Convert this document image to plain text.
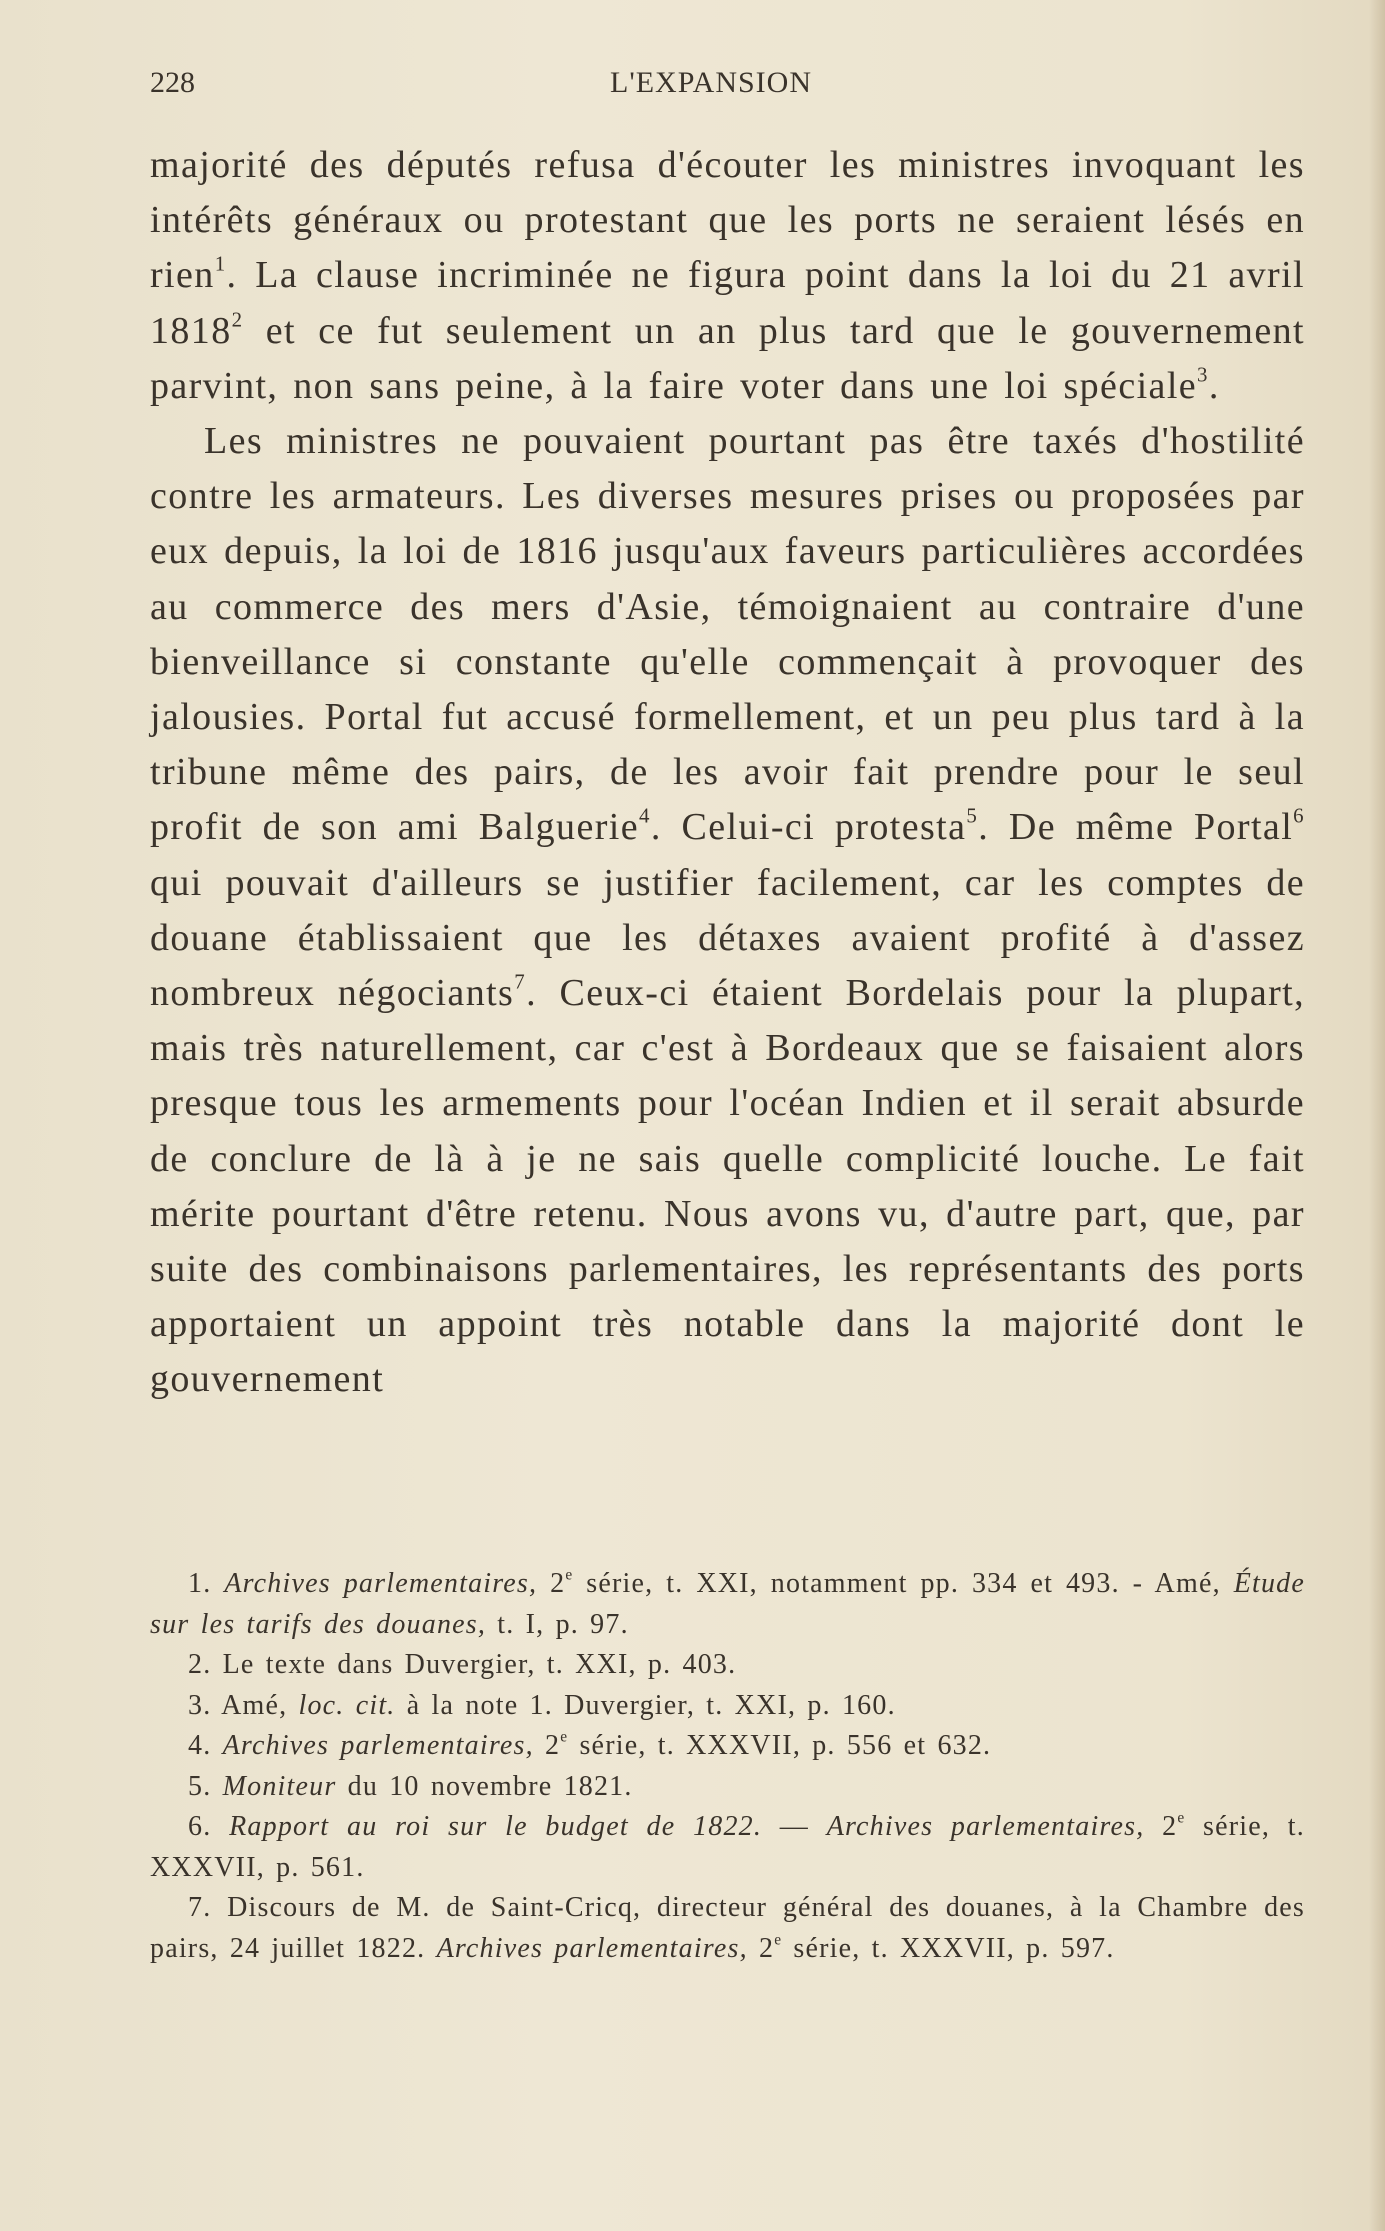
228	L'EXPANSION

majorité des députés refusa d'écouter les ministres invoquant les intérêts généraux ou protestant que les ports ne seraient lésés en rien$^1$. La clause incriminée ne figura point dans la loi du 21 avril 1818$^2$ et ce fut seulement un an plus tard que le gouvernement parvint, non sans peine, à la faire voter dans une loi spéciale$^3$.

Les ministres ne pouvaient pourtant pas être taxés d'hostilité contre les armateurs. Les diverses mesures prises ou proposées par eux depuis, la loi de 1816 jusqu'aux faveurs particulières accordées au commerce des mers d'Asie, témoignaient au contraire d'une bienveillance si constante qu'elle commençait à provoquer des jalousies. Portal fut accusé formellement, et un peu plus tard à la tribune même des pairs, de les avoir fait prendre pour le seul profit de son ami Balguerie$^4$. Celui-ci protesta$^5$. De même Portal$^6$ qui pouvait d'ailleurs se justifier facilement, car les comptes de douane établissaient que les détaxes avaient profité à d'assez nombreux négociants$^7$. Ceux-ci étaient Bordelais pour la plupart, mais très naturellement, car c'est à Bordeaux que se faisaient alors presque tous les armements pour l'océan Indien et il serait absurde de conclure de là à je ne sais quelle complicité louche. Le fait mérite pourtant d'être retenu. Nous avons vu, d'autre part, que, par suite des combinaisons parlementaires, les représentants des ports apportaient un appoint très notable dans la majorité dont le gouvernement

1. Archives parlementaires, 2e série, t. XXI, notamment pp. 334 et 493. - Amé, Étude sur les tarifs des douanes, t. I, p. 97.

2. Le texte dans Duvergier, t. XXI, p. 403.

3. Amé, loc. cit. à la note 1. Duvergier, t. XXI, p. 160.

4. Archives parlementaires, 2e série, t. XXXVII, p. 556 et 632.

5. Moniteur du 10 novembre 1821.

6. Rapport au roi sur le budget de 1822. — Archives parlementaires, 2e série, t. XXXVII, p. 561.

7. Discours de M. de Saint-Cricq, directeur général des douanes, à la Chambre des pairs, 24 juillet 1822. Archives parlementaires, 2e série, t. XXXVII, p. 597.
